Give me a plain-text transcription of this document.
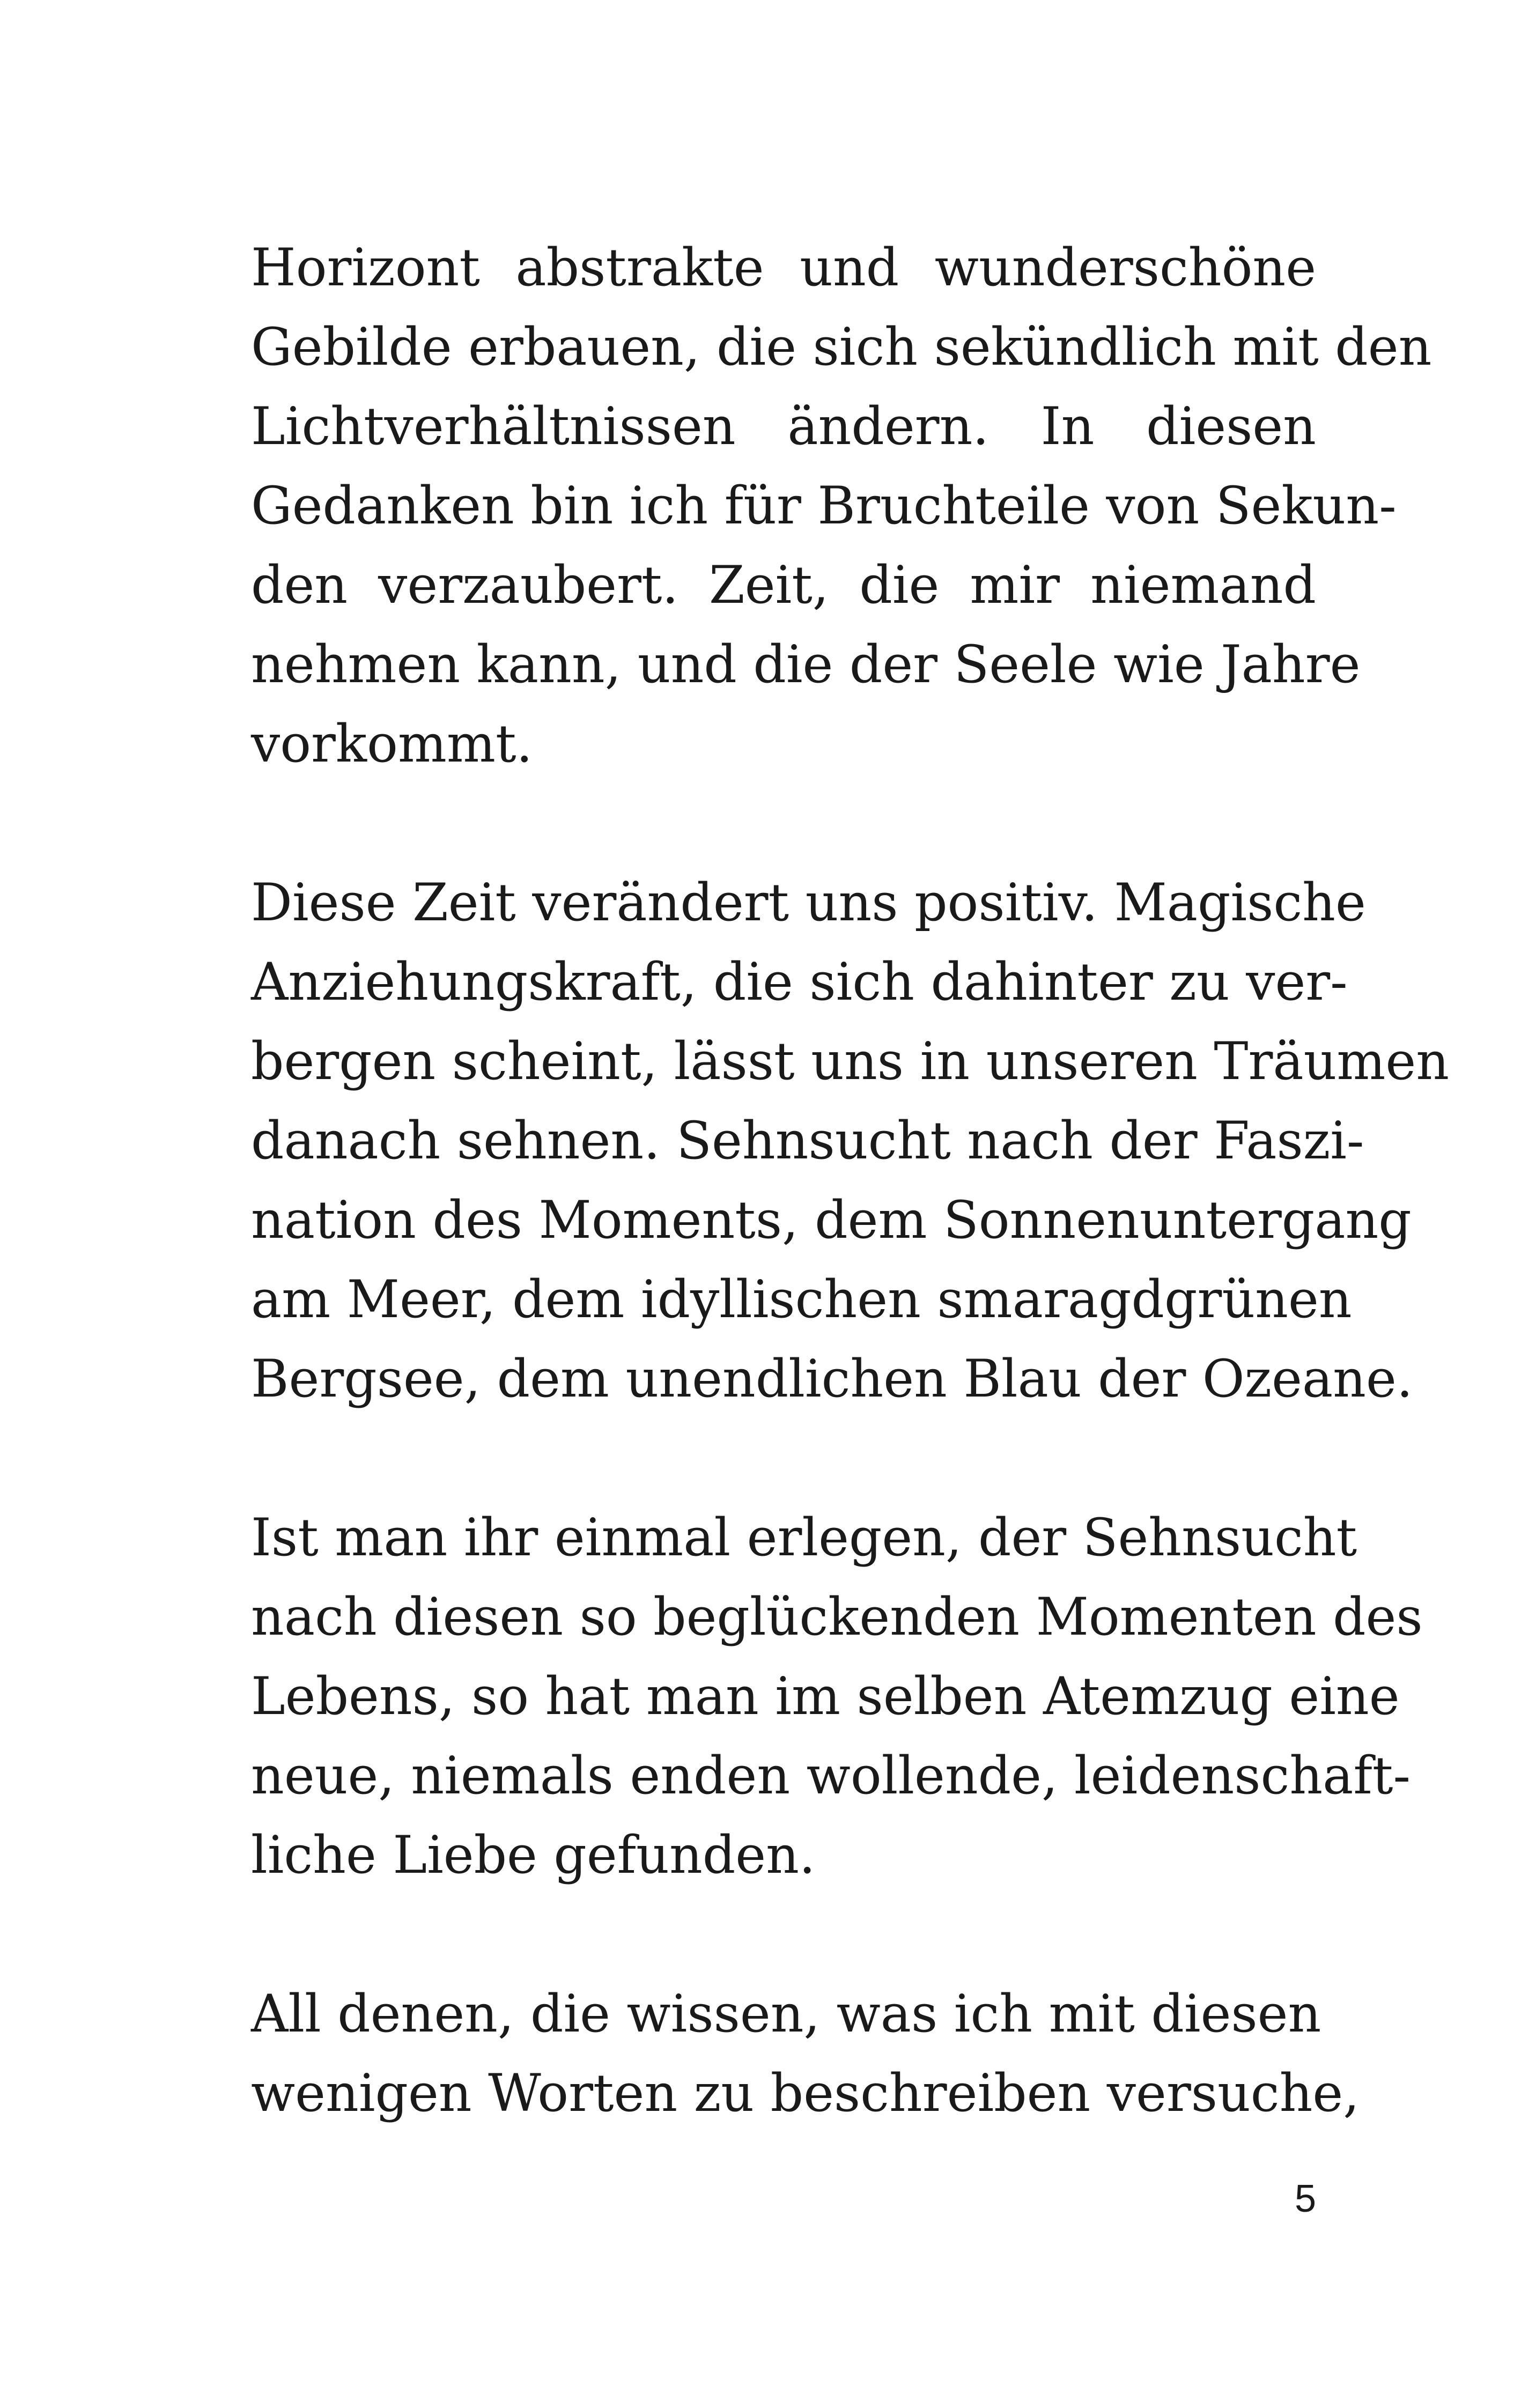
Horizont abstrakte und wunderschöne
Gebilde erbauen, die sich sekündlich mit den
Lichtverhältnissen ändern. In diesen
Gedanken bin ich für Bruchteile von Sekun-
den verzaubert. Zeit, die mir niemand
nehmen kann, und die der Seele wie Jahre
vorkommt.
Diese Zeit verändert uns positiv. Magische
Anziehungskraft, die sich dahinter zu ver-
bergen scheint, lässt uns in unseren Träumen
danach sehnen. Sehnsucht nach der Faszi-
nation des Moments, dem Sonnenuntergang
am Meer, dem idyllischen smaragdgrünen
Bergsee, dem unendlichen Blau der Ozeane.
Ist man ihr einmal erlegen, der Sehnsucht
nach diesen so beglückenden Momenten des
Lebens, so hat man im selben Atemzug eine
neue, niemals enden wollende, leidenschaft-
liche Liebe gefunden.
All denen, die wissen, was ich mit diesen
wenigen Worten zu beschreiben versuche,
5
